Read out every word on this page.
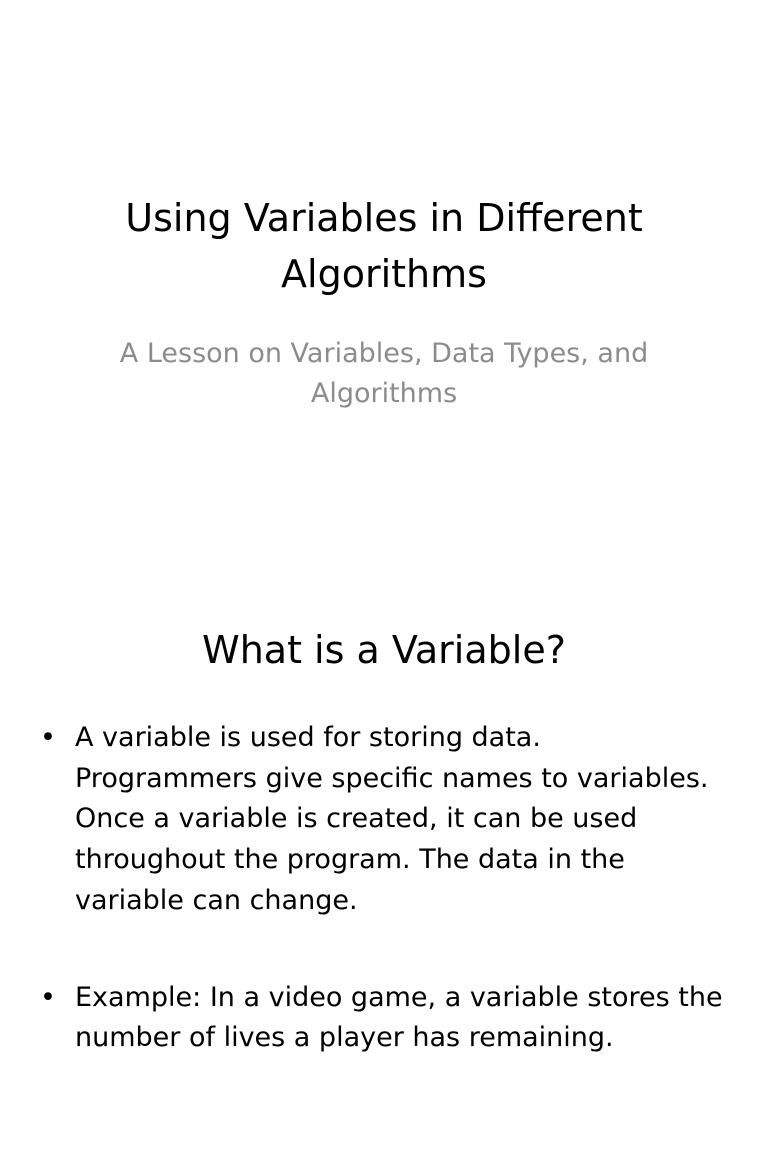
Using Variables in Different Algorithms
A Lesson on Variables, Data Types, and Algorithms
What is a Variable?
• A variable is used for storing data. Programmers give specific names to variables. Once a variable is created, it can be used throughout the program. The data in the variable can change.
• Example: In a video game, a variable stores the number of lives a player has remaining.
